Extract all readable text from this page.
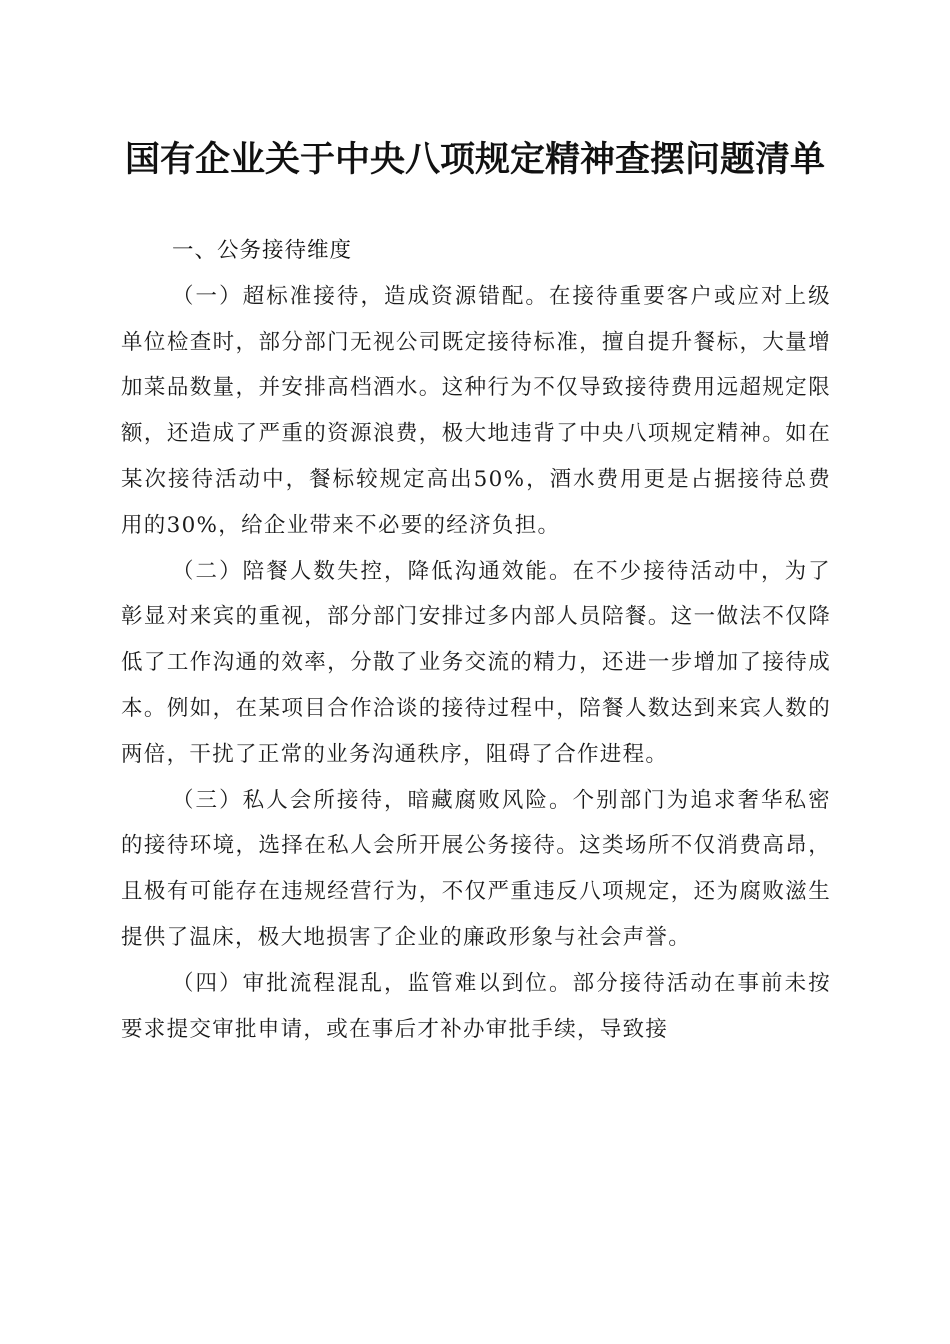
国有企业关于中央八项规定精神查摆问题清单

一、公务接待维度

（一）超标准接待，造成资源错配。在接待重要客户或应对上级单位检查时，部分部门无视公司既定接待标准，擅自提升餐标，大量增加菜品数量，并安排高档酒水。这种行为不仅导致接待费用远超规定限额，还造成了严重的资源浪费，极大地违背了中央八项规定精神。如在某次接待活动中，餐标较规定高出50%，酒水费用更是占据接待总费用的30%，给企业带来不必要的经济负担。

（二）陪餐人数失控，降低沟通效能。在不少接待活动中，为了彰显对来宾的重视，部分部门安排过多内部人员陪餐。这一做法不仅降低了工作沟通的效率，分散了业务交流的精力，还进一步增加了接待成本。例如，在某项目合作洽谈的接待过程中，陪餐人数达到来宾人数的两倍，干扰了正常的业务沟通秩序，阻碍了合作进程。

（三）私人会所接待，暗藏腐败风险。个别部门为追求奢华私密的接待环境，选择在私人会所开展公务接待。这类场所不仅消费高昂，且极有可能存在违规经营行为，不仅严重违反八项规定，还为腐败滋生提供了温床，极大地损害了企业的廉政形象与社会声誉。

（四）审批流程混乱，监管难以到位。部分接待活动在事前未按要求提交审批申请，或在事后才补办审批手续，导致接
